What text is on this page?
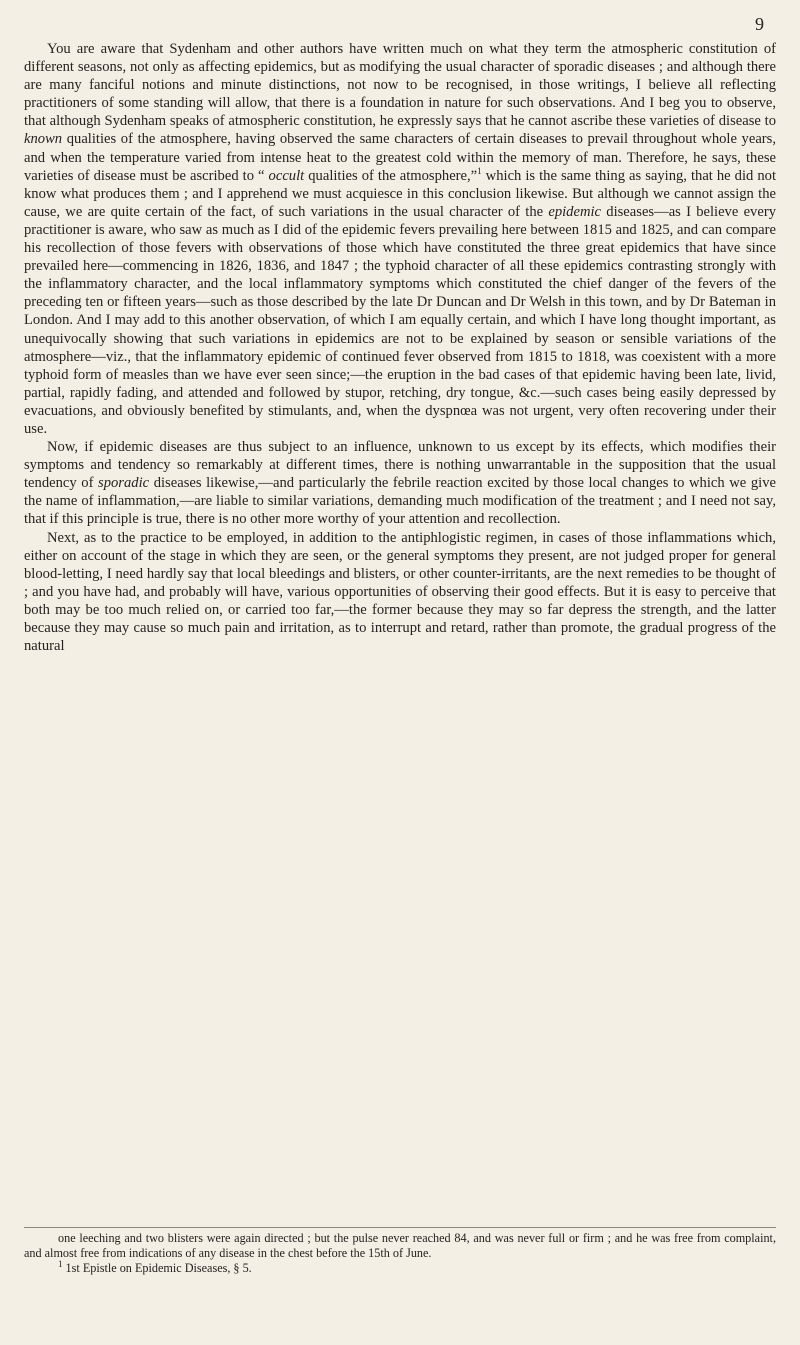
9

You are aware that Sydenham and other authors have written much on what they term the atmospheric constitution of different seasons, not only as affecting epidemics, but as modifying the usual character of sporadic diseases ; and although there are many fanciful notions and minute distinctions, not now to be recognised, in those writings, I believe all reflecting practitioners of some standing will allow, that there is a foundation in nature for such observations. And I beg you to observe, that although Sydenham speaks of atmospheric constitution, he expressly says that he cannot ascribe these varieties of disease to known qualities of the atmosphere, having observed the same characters of certain diseases to prevail throughout whole years, and when the temperature varied from intense heat to the greatest cold within the memory of man. Therefore, he says, these varieties of disease must be ascribed to “ occult qualities of the atmosphere,”$^1$ which is the same thing as saying, that he did not know what produces them ; and I apprehend we must acquiesce in this conclusion likewise. But although we cannot assign the cause, we are quite certain of the fact, of such variations in the usual character of the epidemic diseases—as I believe every practitioner is aware, who saw as much as I did of the epidemic fevers prevailing here between 1815 and 1825, and can compare his recollection of those fevers with observations of those which have constituted the three great epidemics that have since prevailed here—commencing in 1826, 1836, and 1847 ; the typhoid character of all these epidemics contrasting strongly with the inflammatory character, and the local inflammatory symptoms which constituted the chief danger of the fevers of the preceding ten or fifteen years—such as those described by the late Dr Duncan and Dr Welsh in this town, and by Dr Bateman in London. And I may add to this another observation, of which I am equally certain, and which I have long thought important, as unequivocally showing that such variations in epidemics are not to be explained by season or sensible variations of the atmosphere—viz., that the inflammatory epidemic of continued fever observed from 1815 to 1818, was coexistent with a more typhoid form of measles than we have ever seen since;—the eruption in the bad cases of that epidemic having been late, livid, partial, rapidly fading, and attended and followed by stupor, retching, dry tongue, &c.—such cases being easily depressed by evacuations, and obviously benefited by stimulants, and, when the dyspnœa was not urgent, very often recovering under their use.

Now, if epidemic diseases are thus subject to an influence, unknown to us except by its effects, which modifies their symptoms and tendency so remarkably at different times, there is nothing unwarrantable in the supposition that the usual tendency of sporadic diseases likewise,—and particularly the febrile reaction excited by those local changes to which we give the name of inflammation,—are liable to similar variations, demanding much modification of the treatment ; and I need not say, that if this principle is true, there is no other more worthy of your attention and recollection.

Next, as to the practice to be employed, in addition to the antiphlogistic regimen, in cases of those inflammations which, either on account of the stage in which they are seen, or the general symptoms they present, are not judged proper for general blood-letting, I need hardly say that local bleedings and blisters, or other counter-irritants, are the next remedies to be thought of ; and you have had, and probably will have, various opportunities of observing their good effects. But it is easy to perceive that both may be too much relied on, or carried too far,—the former because they may so far depress the strength, and the latter because they may cause so much pain and irritation, as to interrupt and retard, rather than promote, the gradual progress of the natural

one leeching and two blisters were again directed ; but the pulse never reached 84, and was never full or firm ; and he was free from complaint, and almost free from indications of any disease in the chest before the 15th of June.

$^1$ 1st Epistle on Epidemic Diseases, § 5.
